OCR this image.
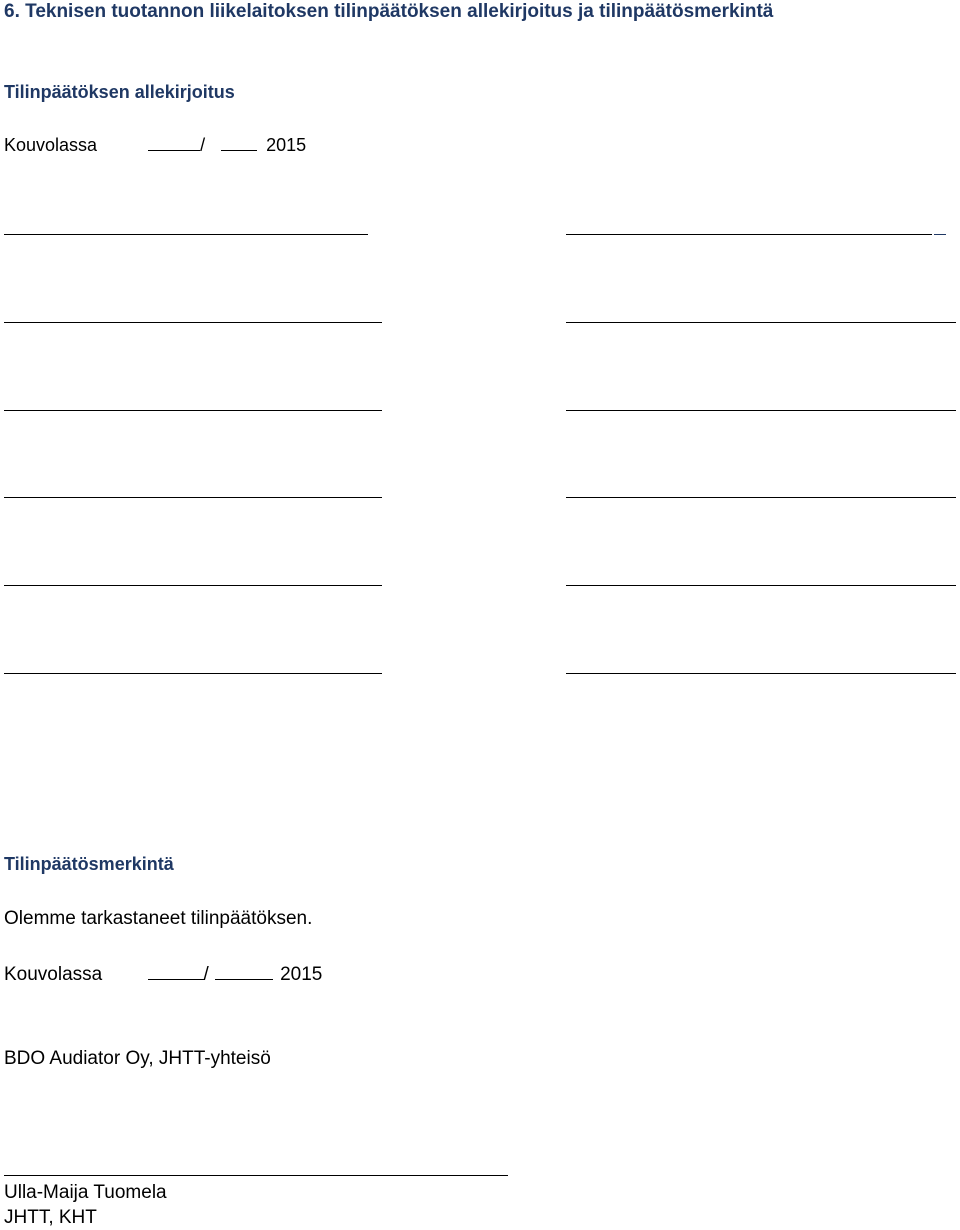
6. Teknisen tuotannon liikelaitoksen tilinpäätöksen allekirjoitus ja tilinpäätösmerkintä
Tilinpäätöksen allekirjoitus
Kouvolassa	/	2015
Tilinpäätösmerkintä
Olemme tarkastaneet tilinpäätöksen.
Kouvolassa	/	2015
BDO Audiator Oy, JHTT-yhteisö
Ulla-Maija Tuomela
JHTT, KHT
